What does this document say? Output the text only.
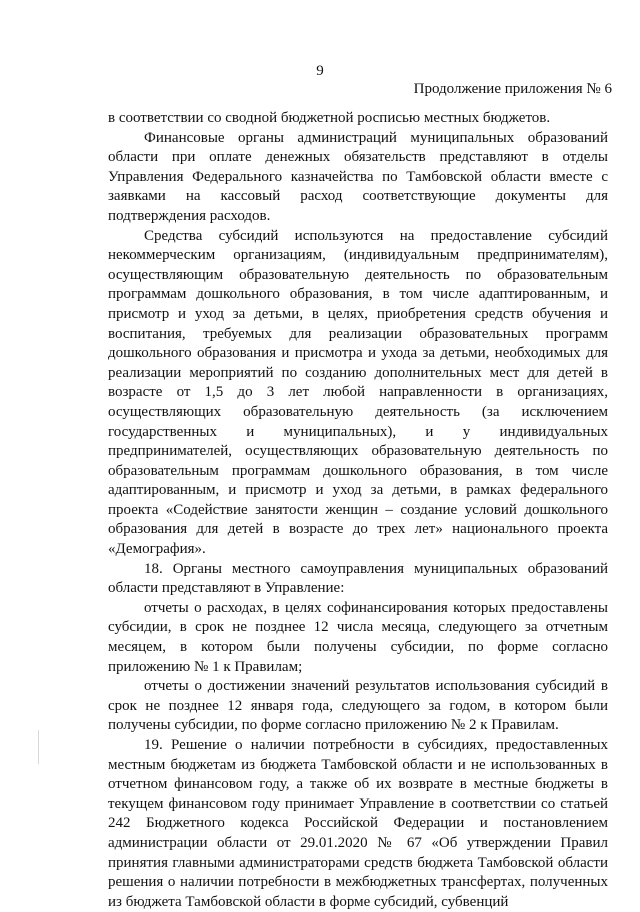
9
Продолжение приложения № 6

в соответствии со сводной бюджетной росписью местных бюджетов.

Финансовые органы администраций муниципальных образований области при оплате денежных обязательств представляют в отделы Управления Федерального казначейства по Тамбовской области вместе с заявками на кассовый расход соответствующие документы для подтверждения расходов.

Средства субсидий используются на предоставление субсидий некоммерческим организациям, (индивидуальным предпринимателям), осуществляющим образовательную деятельность по образовательным программам дошкольного образования, в том числе адаптированным, и присмотр и уход за детьми, в целях, приобретения средств обучения и воспитания, требуемых для реализации образовательных программ дошкольного образования и присмотра и ухода за детьми, необходимых для реализации мероприятий по созданию дополнительных мест для детей в возрасте от 1,5 до 3 лет любой направленности в организациях, осуществляющих образовательную деятельность (за исключением государственных и муниципальных), и у индивидуальных предпринимателей, осуществляющих образовательную деятельность по образовательным программам дошкольного образования, в том числе адаптированным, и присмотр и уход за детьми, в рамках федерального проекта «Содействие занятости женщин – создание условий дошкольного образования для детей в возрасте до трех лет» национального проекта «Демография».

18. Органы местного самоуправления муниципальных образований области представляют в Управление:

отчеты о расходах, в целях софинансирования которых предоставлены субсидии, в срок не позднее 12 числа месяца, следующего за отчетным месяцем, в котором были получены субсидии, по форме согласно приложению № 1 к Правилам;

отчеты о достижении значений результатов использования субсидий в срок не позднее 12 января года, следующего за годом, в котором были получены субсидии, по форме согласно приложению № 2 к Правилам.

19. Решение о наличии потребности в субсидиях, предоставленных местным бюджетам из бюджета Тамбовской области и не использованных в отчетном финансовом году, а также об их возврате в местные бюджеты в текущем финансовом году принимает Управление в соответствии со статьей 242 Бюджетного кодекса Российской Федерации и постановлением администрации области от 29.01.2020 № 67 «Об утверждении Правил принятия главными администраторами средств бюджета Тамбовской области решения о наличии потребности в межбюджетных трансфертах, полученных из бюджета Тамбовской области в форме субсидий, субвенций
